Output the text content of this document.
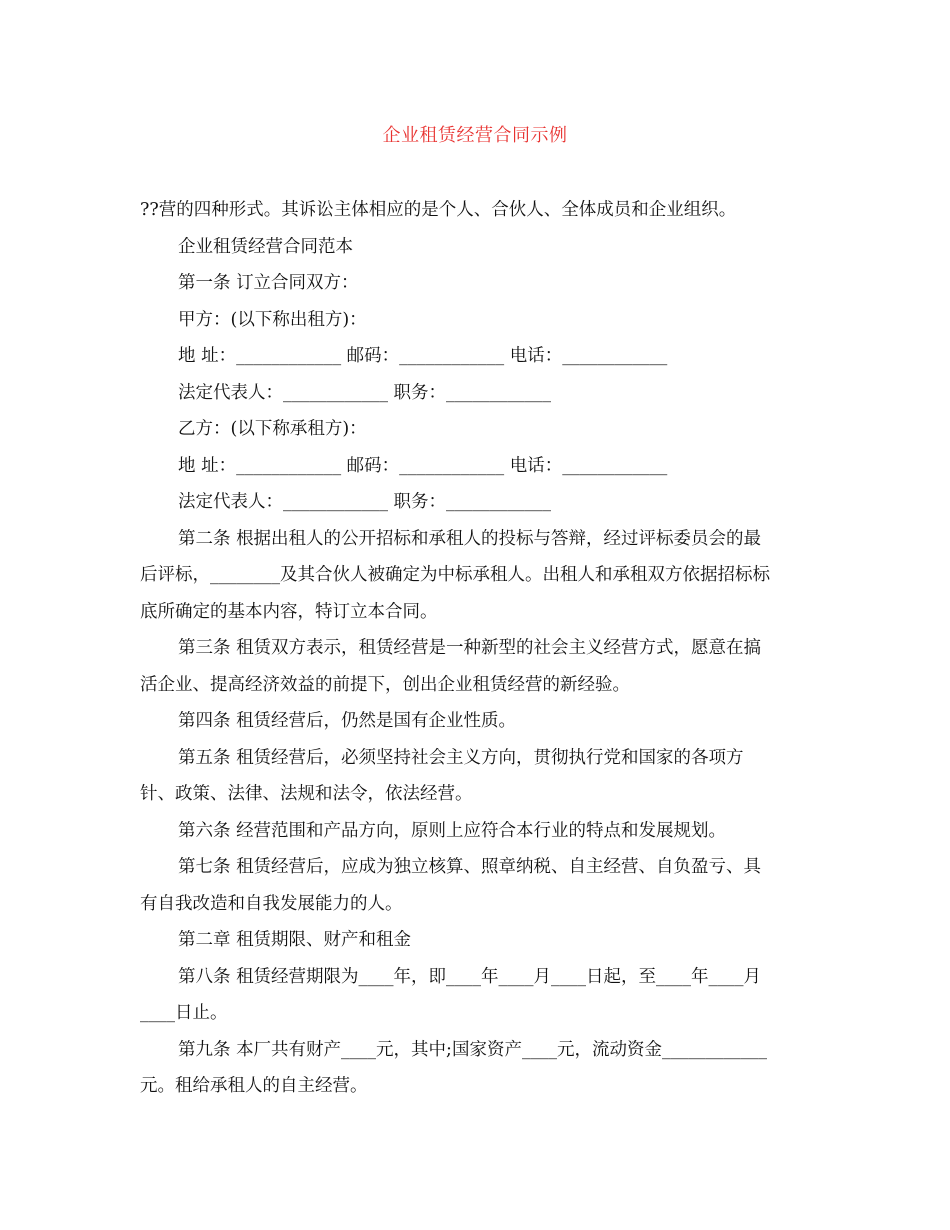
企业租赁经营合同示例
??营的四种形式。其诉讼主体相应的是个人、合伙人、全体成员和企业组织。
企业租赁经营合同范本
第一条 订立合同双方：
甲方：(以下称出租方)：
地 址：____________ 邮码：____________ 电话：____________
法定代表人：____________ 职务：____________
乙方：(以下称承租方)：
地 址：____________ 邮码：____________ 电话：____________
法定代表人：____________ 职务：____________
第二条 根据出租人的公开招标和承租人的投标与答辩，经过评标委员会的最
后评标，________及其合伙人被确定为中标承租人。出租人和承租双方依据招标标
底所确定的基本内容，特订立本合同。
第三条 租赁双方表示，租赁经营是一种新型的社会主义经营方式，愿意在搞
活企业、提高经济效益的前提下，创出企业租赁经营的新经验。
第四条 租赁经营后，仍然是国有企业性质。
第五条 租赁经营后，必须坚持社会主义方向，贯彻执行党和国家的各项方
针、政策、法律、法规和法令，依法经营。
第六条 经营范围和产品方向，原则上应符合本行业的特点和发展规划。
第七条 租赁经营后，应成为独立核算、照章纳税、自主经营、自负盈亏、具
有自我改造和自我发展能力的人。
第二章 租赁期限、财产和租金
第八条 租赁经营期限为____年，即____年____月____日起，至____年____月
____日止。
第九条 本厂共有财产____元，其中;国家资产____元，流动资金____________
元。租给承租人的自主经营。
